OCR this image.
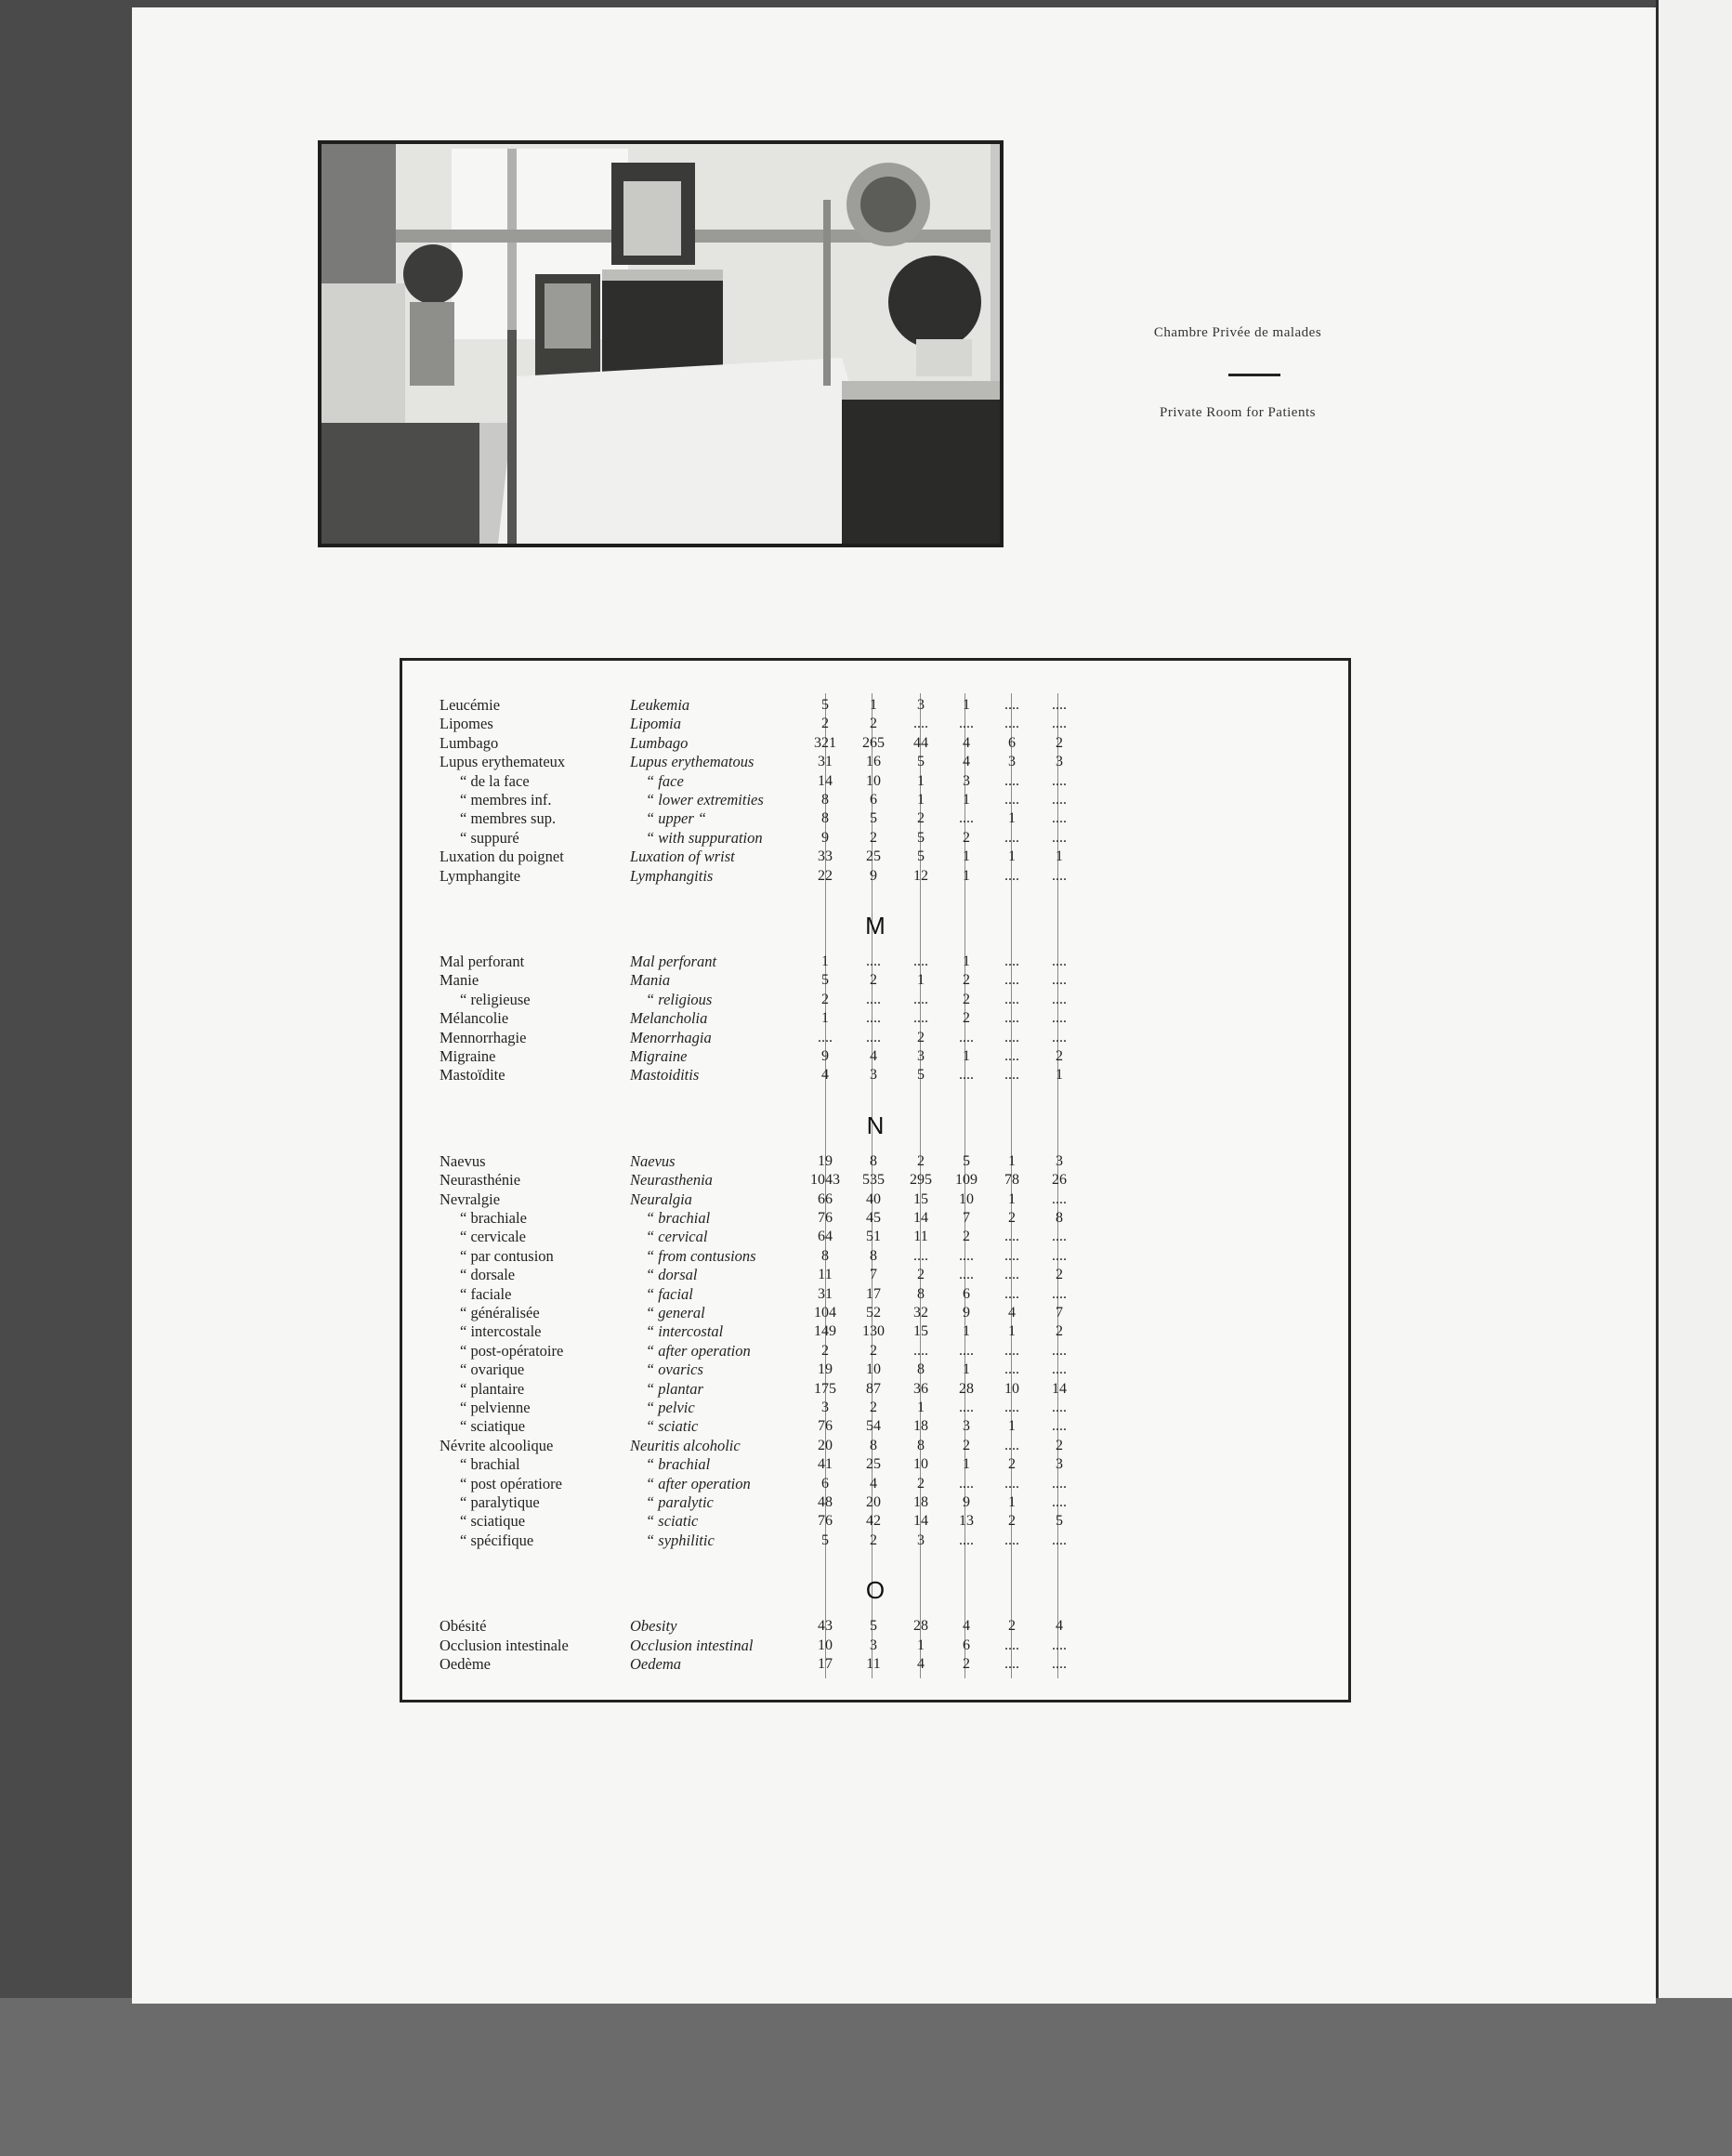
Chambre Privée de malades
Private Room for Patients
Leucémie	Leukemia	5	1	3	1	....	....
Lipomes	Lipomia	2	2	....	....	....	....
Lumbago	Lumbago	321	265	44	4	6	2
Lupus erythemateux	Lupus erythematous	31	16	5	4	3	3
“ de la face	“ face	14	10	1	3	....	....
“ membres inf.	“ lower extremities	8	6	1	1	....	....
“ membres sup.	“ upper “	8	5	2	....	1	....
“ suppuré	“ with suppuration	9	2	5	2	....	....
Luxation du poignet	Luxation of wrist	33	25	5	1	1	1
Lymphangite	Lymphangitis	22	9	12	1	....	....
M
Mal perforant	Mal perforant	1	....	....	1	....	....
Manie	Mania	5	2	1	2	....	....
“ religieuse	“ religious	2	....	....	2	....	....
Mélancolie	Melancholia	1	....	....	2	....	....
Mennorrhagie	Menorrhagia	....	....	2	....	....	....
Migraine	Migraine	9	4	3	1	....	2
Mastoïdite	Mastoiditis	4	3	5	....	....	1
N
Naevus	Naevus	19	8	2	5	1	3
Neurasthénie	Neurasthenia	1043	535	295	109	78	26
Nevralgie	Neuralgia	66	40	15	10	1	....
“ brachiale	“ brachial	76	45	14	7	2	8
“ cervicale	“ cervical	64	51	11	2	....	....
“ par contusion	“ from contusions	8	8	....	....	....	....
“ dorsale	“ dorsal	11	7	2	....	....	2
“ faciale	“ facial	31	17	8	6	....	....
“ généralisée	“ general	104	52	32	9	4	7
“ intercostale	“ intercostal	149	130	15	1	1	2
“ post-opératoire	“ after operation	2	2	....	....	....	....
“ ovarique	“ ovarics	19	10	8	1	....	....
“ plantaire	“ plantar	175	87	36	28	10	14
“ pelvienne	“ pelvic	3	2	1	....	....	....
“ sciatique	“ sciatic	76	54	18	3	1	....
Névrite alcoolique	Neuritis alcoholic	20	8	8	2	....	2
“ brachial	“ brachial	41	25	10	1	2	3
“ post opératiore	“ after operation	6	4	2	....	....	....
“ paralytique	“ paralytic	48	20	18	9	1	....
“ sciatique	“ sciatic	76	42	14	13	2	5
“ spécifique	“ syphilitic	5	2	3	....	....	....
O
Obésité	Obesity	43	5	28	4	2	4
Occlusion intestinale	Occlusion intestinal	10	3	1	6	....	....
Oedème	Oedema	17	11	4	2	....	....
